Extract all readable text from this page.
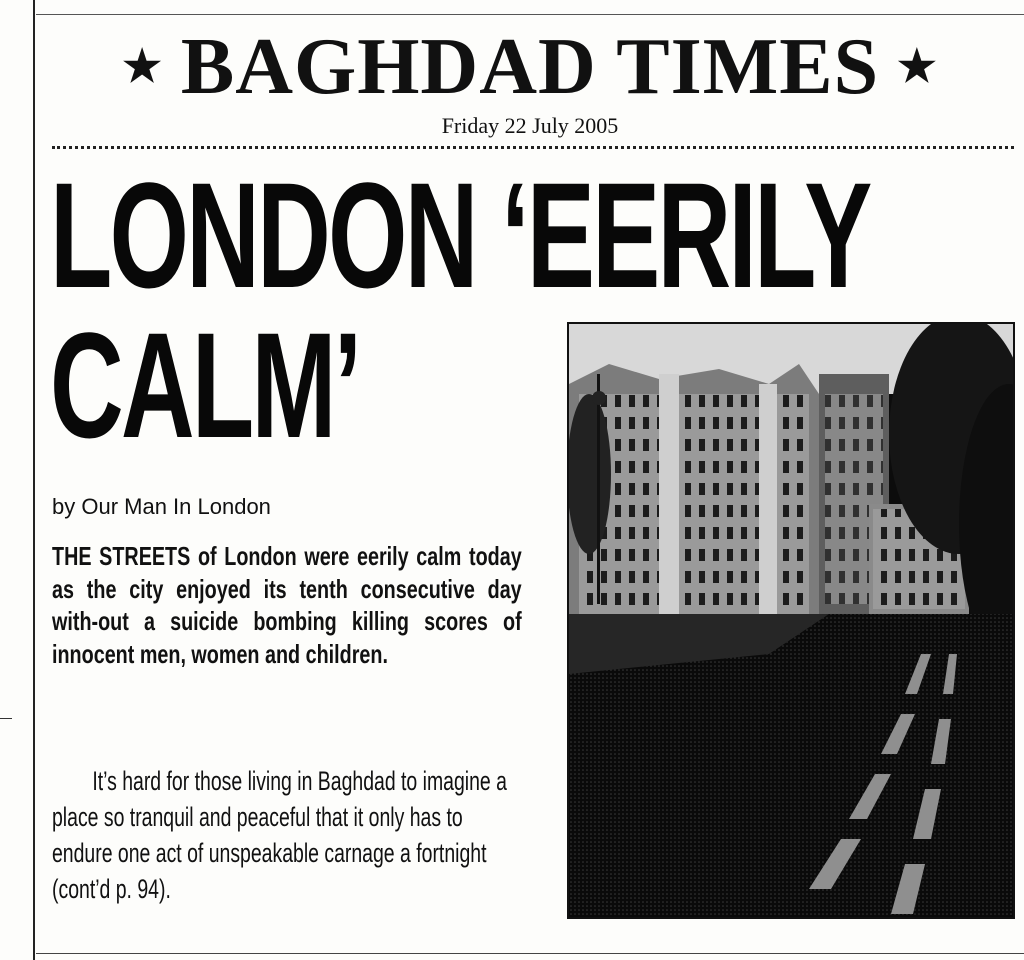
★ BAGHDAD TIMES ★
Friday 22 July 2005
LONDON ‘EERILY
CALM’
by Our Man In London

THE STREETS of London were eerily calm today as the city enjoyed its tenth consecutive day with-out a suicide bombing killing scores of innocent men, women and children.

It’s hard for those living in Baghdad to imagine a place so tranquil and peaceful that it only has to endure one act of unspeakable carnage a fortnight (cont’d p. 94).
